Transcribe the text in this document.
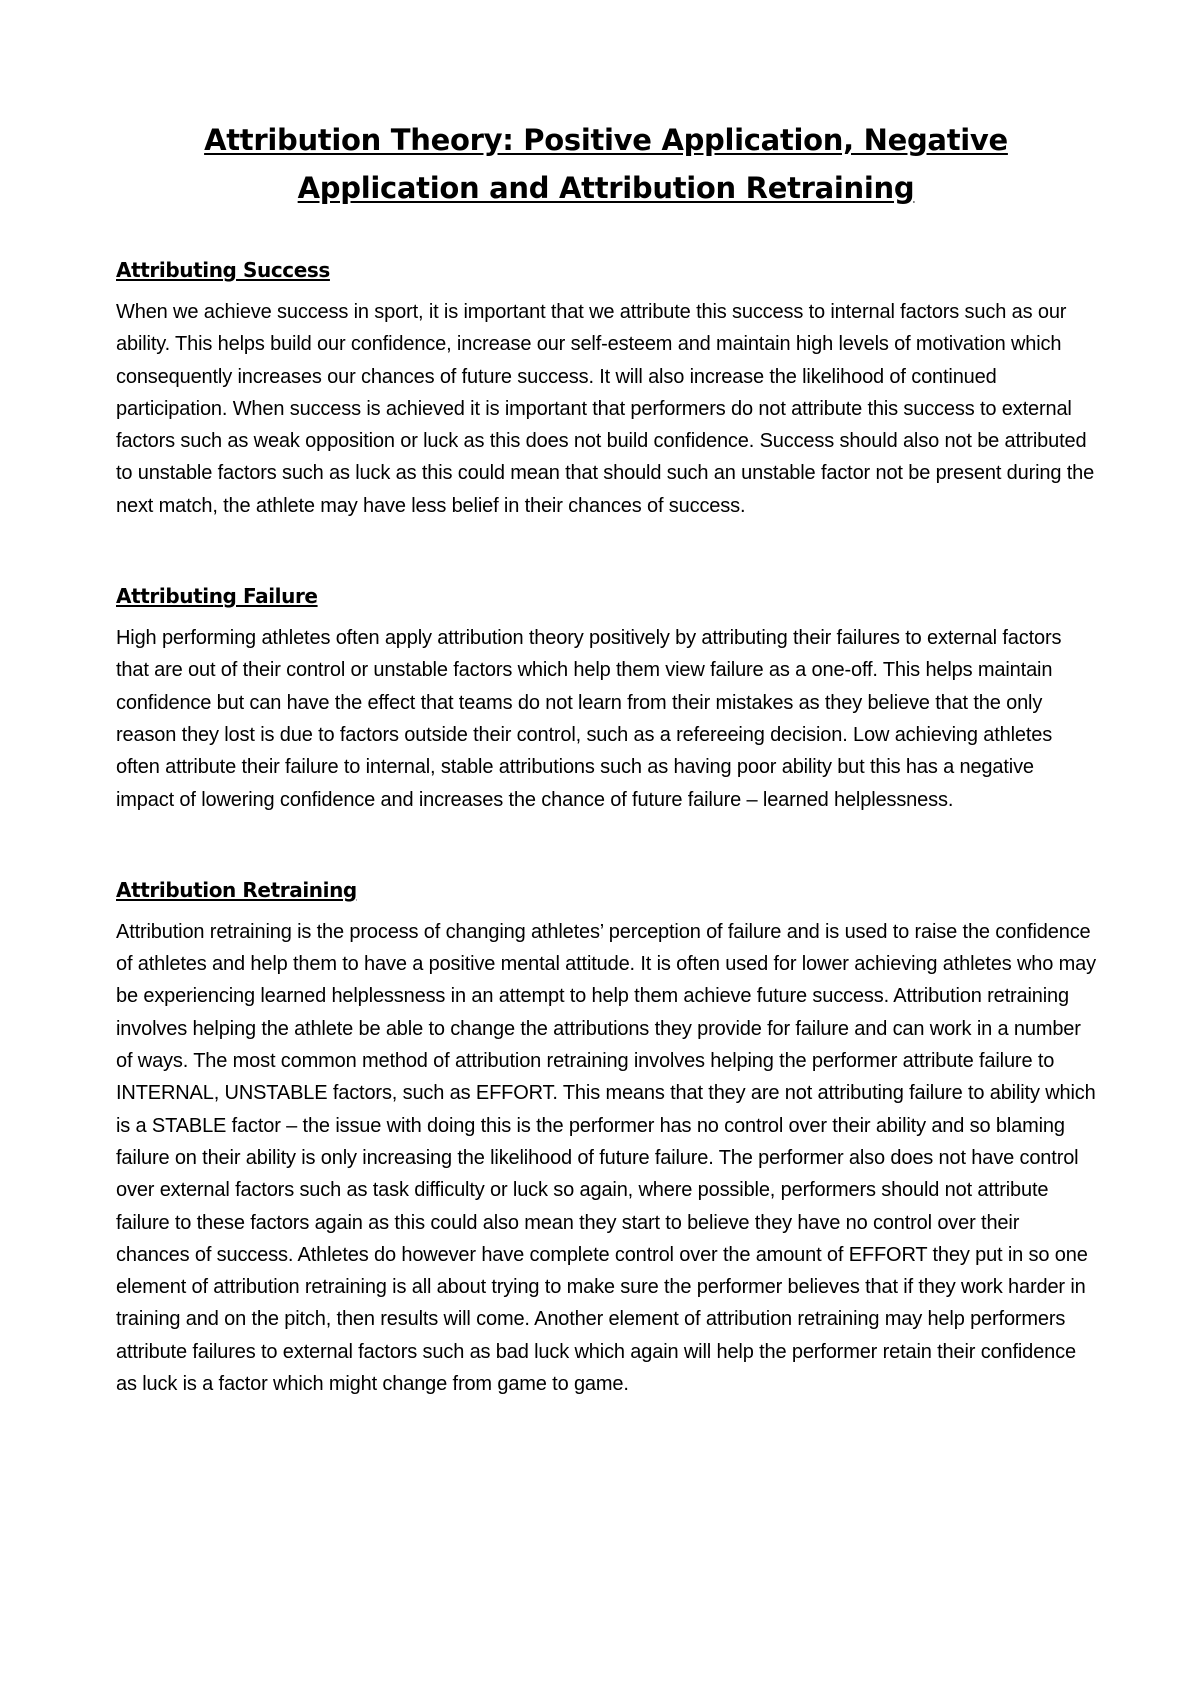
Attribution Theory: Positive Application, Negative Application and Attribution Retraining
Attributing Success

When we achieve success in sport, it is important that we attribute this success to internal factors such as our ability. This helps build our confidence, increase our self-esteem and maintain high levels of motivation which consequently increases our chances of future success. It will also increase the likelihood of continued participation. When success is achieved it is important that performers do not attribute this success to external factors such as weak opposition or luck as this does not build confidence. Success should also not be attributed to unstable factors such as luck as this could mean that should such an unstable factor not be present during the next match, the athlete may have less belief in their chances of success.

Attributing Failure

High performing athletes often apply attribution theory positively by attributing their failures to external factors that are out of their control or unstable factors which help them view failure as a one-off. This helps maintain confidence but can have the effect that teams do not learn from their mistakes as they believe that the only reason they lost is due to factors outside their control, such as a refereeing decision. Low achieving athletes often attribute their failure to internal, stable attributions such as having poor ability but this has a negative impact of lowering confidence and increases the chance of future failure – learned helplessness.

Attribution Retraining

Attribution retraining is the process of changing athletes’ perception of failure and is used to raise the confidence of athletes and help them to have a positive mental attitude. It is often used for lower achieving athletes who may be experiencing learned helplessness in an attempt to help them achieve future success. Attribution retraining involves helping the athlete be able to change the attributions they provide for failure and can work in a number of ways. The most common method of attribution retraining involves helping the performer attribute failure to INTERNAL, UNSTABLE factors, such as EFFORT. This means that they are not attributing failure to ability which is a STABLE factor – the issue with doing this is the performer has no control over their ability and so blaming failure on their ability is only increasing the likelihood of future failure. The performer also does not have control over external factors such as task difficulty or luck so again, where possible, performers should not attribute failure to these factors again as this could also mean they start to believe they have no control over their chances of success. Athletes do however have complete control over the amount of EFFORT they put in so one element of attribution retraining is all about trying to make sure the performer believes that if they work harder in training and on the pitch, then results will come. Another element of attribution retraining may help performers attribute failures to external factors such as bad luck which again will help the performer retain their confidence as luck is a factor which might change from game to game.
